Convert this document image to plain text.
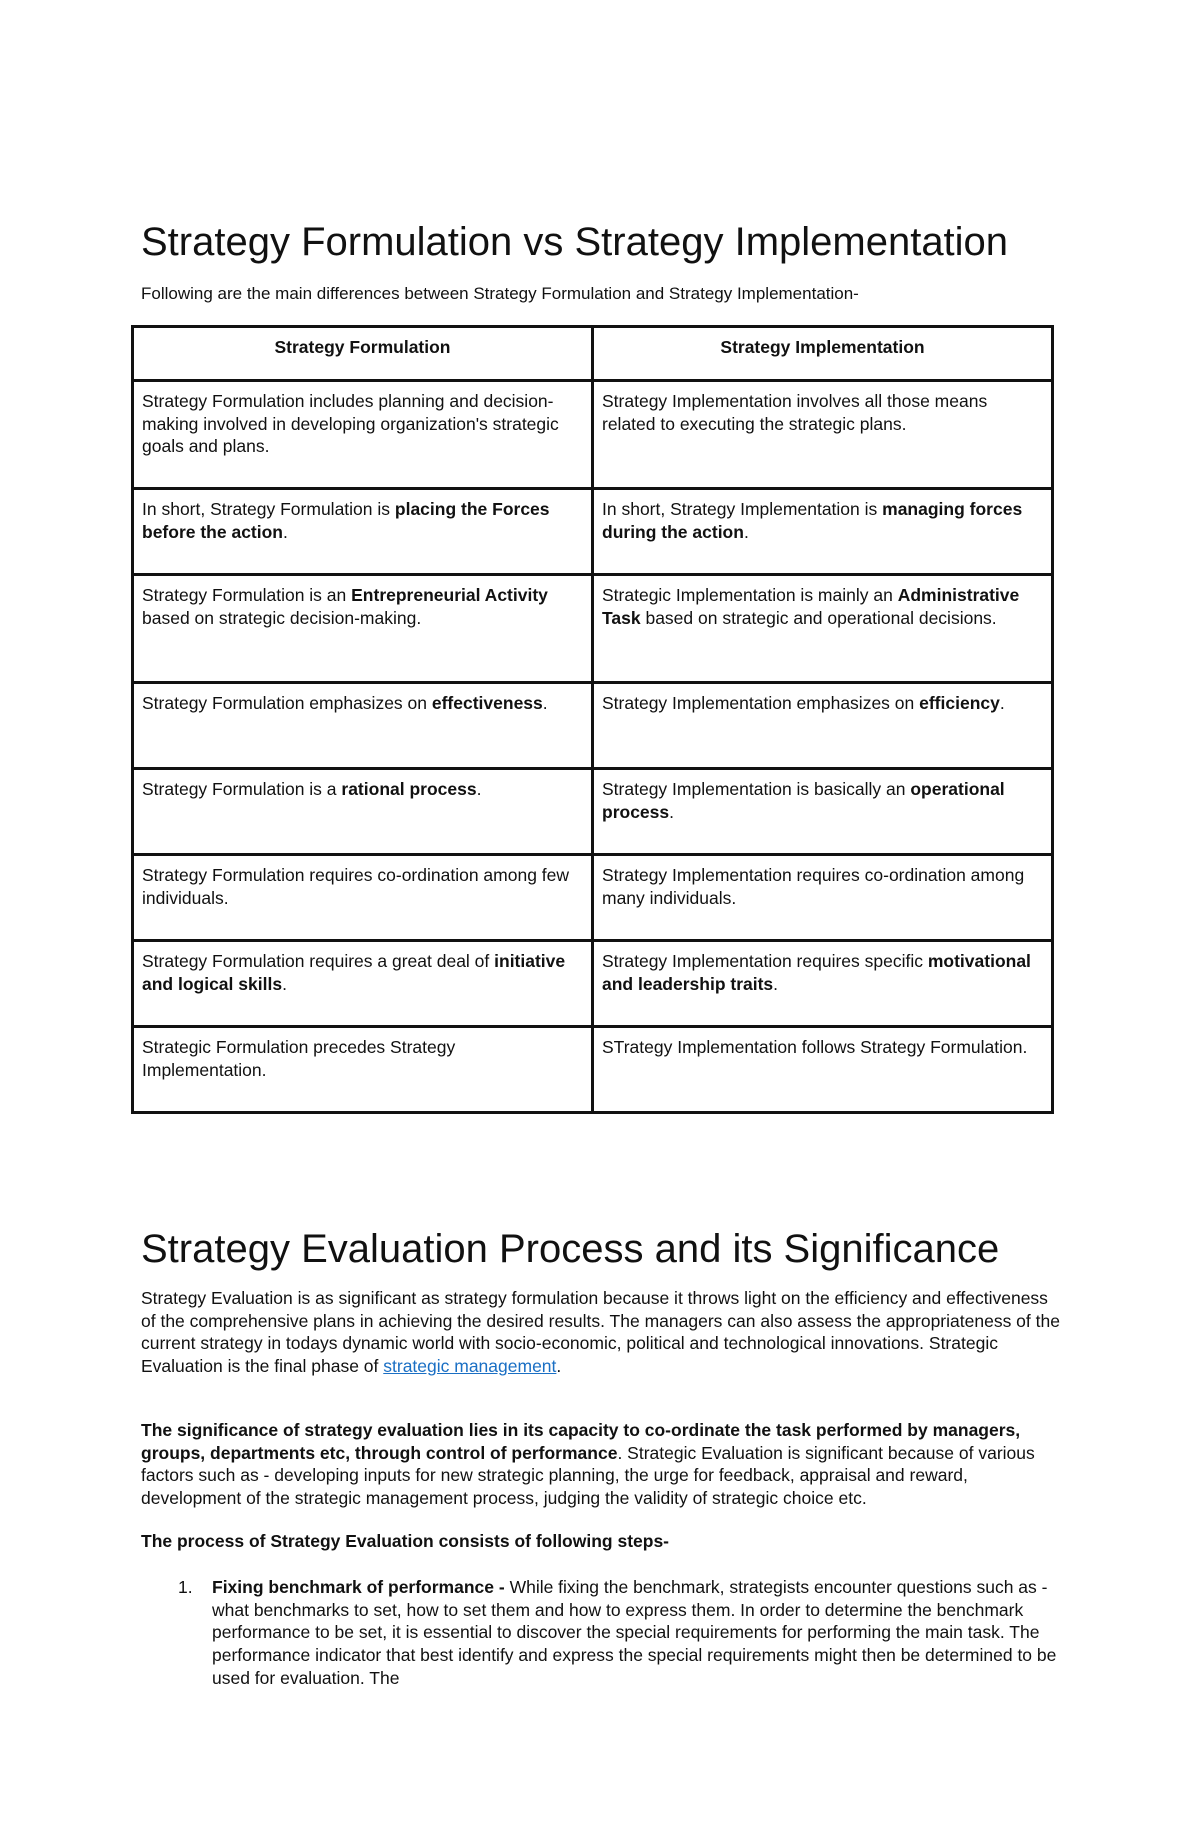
Strategy Formulation vs Strategy Implementation

Following are the main differences between Strategy Formulation and Strategy Implementation-

Strategy Formulation	Strategy Implementation
Strategy Formulation includes planning and decision-making involved in developing organization's strategic goals and plans.	Strategy Implementation involves all those means related to executing the strategic plans.
In short, Strategy Formulation is placing the Forces before the action.	In short, Strategy Implementation is managing forces during the action.
Strategy Formulation is an Entrepreneurial Activity based on strategic decision-making.	Strategic Implementation is mainly an Administrative Task based on strategic and operational decisions.
Strategy Formulation emphasizes on effectiveness.	Strategy Implementation emphasizes on efficiency.
Strategy Formulation is a rational process.	Strategy Implementation is basically an operational process.
Strategy Formulation requires co-ordination among few individuals.	Strategy Implementation requires co-ordination among many individuals.
Strategy Formulation requires a great deal of initiative and logical skills.	Strategy Implementation requires specific motivational and leadership traits.
Strategic Formulation precedes Strategy Implementation.	STrategy Implementation follows Strategy Formulation.
Strategy Evaluation Process and its Significance

Strategy Evaluation is as significant as strategy formulation because it throws light on the efficiency and effectiveness of the comprehensive plans in achieving the desired results. The managers can also assess the appropriateness of the current strategy in todays dynamic world with socio-economic, political and technological innovations. Strategic Evaluation is the final phase of strategic management.

The significance of strategy evaluation lies in its capacity to co-ordinate the task performed by managers, groups, departments etc, through control of performance. Strategic Evaluation is significant because of various factors such as - developing inputs for new strategic planning, the urge for feedback, appraisal and reward, development of the strategic management process, judging the validity of strategic choice etc.

The process of Strategy Evaluation consists of following steps-

1. Fixing benchmark of performance - While fixing the benchmark, strategists encounter questions such as - what benchmarks to set, how to set them and how to express them. In order to determine the benchmark performance to be set, it is essential to discover the special requirements for performing the main task. The performance indicator that best identify and express the special requirements might then be determined to be used for evaluation. The
